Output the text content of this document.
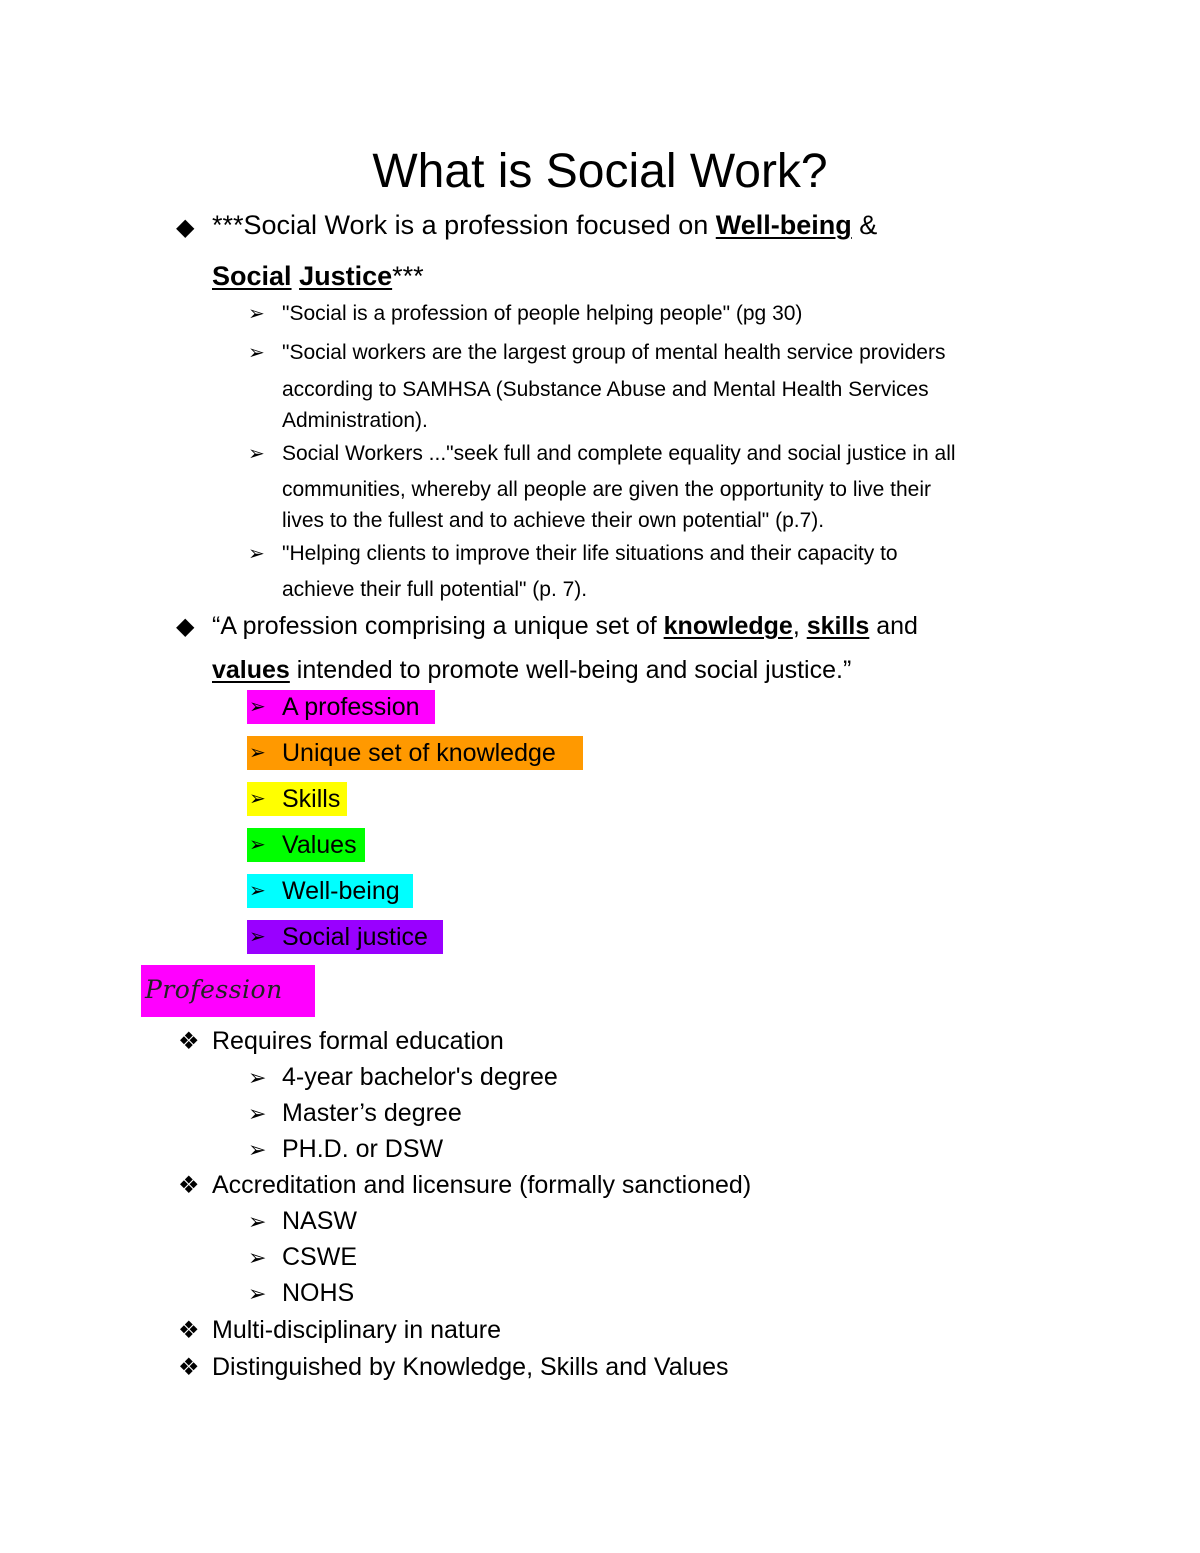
What is Social Work?
◆ ***Social Work is a profession focused on Well-being &
Social Justice***
➢ "Social is a profession of people helping people" (pg 30)
➢ "Social workers are the largest group of mental health service providers
according to SAMHSA (Substance Abuse and Mental Health Services
Administration).
➢ Social Workers ..."seek full and complete equality and social justice in all
communities, whereby all people are given the opportunity to live their
lives to the fullest and to achieve their own potential" (p.7).
➢ "Helping clients to improve their life situations and their capacity to
achieve their full potential" (p. 7).
◆ “A profession comprising a unique set of knowledge, skills and
values intended to promote well-being and social justice.”
➢ A profession
➢ Unique set of knowledge
➢ Skills
➢ Values
➢ Well-being
➢ Social justice
Profession
❖ Requires formal education
➢ 4-year bachelor's degree
➢ Master’s degree
➢ PH.D. or DSW
❖ Accreditation and licensure (formally sanctioned)
➢ NASW
➢ CSWE
➢ NOHS
❖ Multi-disciplinary in nature
❖ Distinguished by Knowledge, Skills and Values
